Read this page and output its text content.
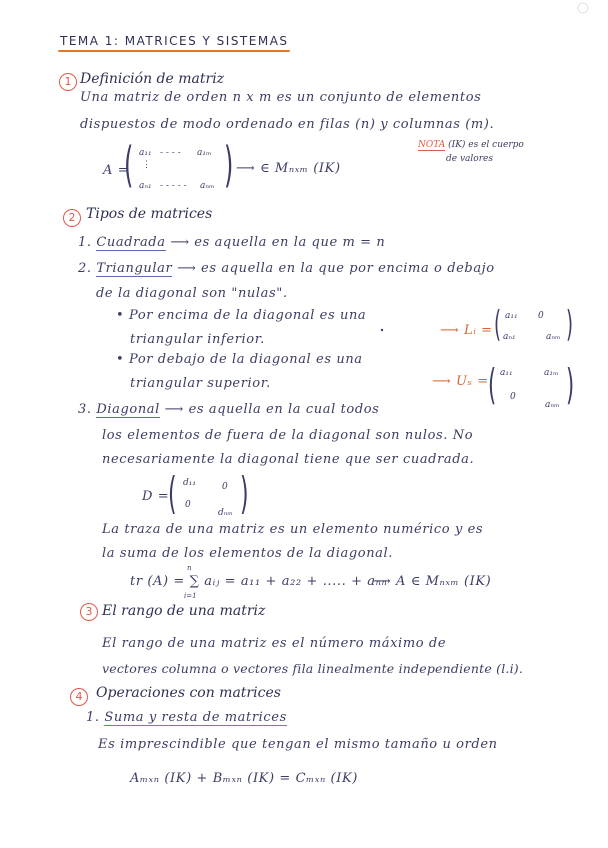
TEMA 1: MATRICES Y SISTEMAS
1 Definición de matriz
Una matriz de orden n x m es un conjunto de elementos
dispuestos de modo ordenado en filas (n) y columnas (m).
A =
( a₁₁ - - - - a₁ₘ
⋮
aₙ₁ - - - - - aₙₘ ) ⟶ ∈ Mₙₓₘ (IK)
NOTA (IK) es el cuerpo
de valores
2 Tipos de matrices
1. Cuadrada ⟶ es aquella en la que m = n
2. Triangular ⟶ es aquella en la que por encima o debajo
de la diagonal son "nulas".
• Por encima de la diagonal es una
triangular inferior.
⟶ Lᵢ = ( a₁₁ 0
aₙ₁	aₙₘ )
• Por debajo de la diagonal es una
triangular superior.	⟶ Uₛ = ( a₁₁	a₁ₘ
0
aₙₘ )
3. Diagonal ⟶ es aquella en la cual todos
los elementos de fuera de la diagonal son nulos. No
necesariamente la diagonal tiene que ser cuadrada.
D =
( d₁₁	0
0
dₙₘ )
La traza de una matriz es un elemento numérico y es
la suma de los elementos de la diagonal.
n
tr (A) = ∑ aᵢⱼ = a₁₁ + a₂₂ + ..... + aₙₙ
i=1
⟶ A ∈ Mₙₓₘ (IK)
3 El rango de una matriz
El rango de una matriz es el número máximo de
vectores columna o vectores fila linealmente independiente (l.i).
4 Operaciones con matrices
1. Suma y resta de matrices
Es imprescindible que tengan el mismo tamaño u orden
Aₘₓₙ (IK) + Bₘₓₙ (IK) = Cₘₓₙ (IK)
